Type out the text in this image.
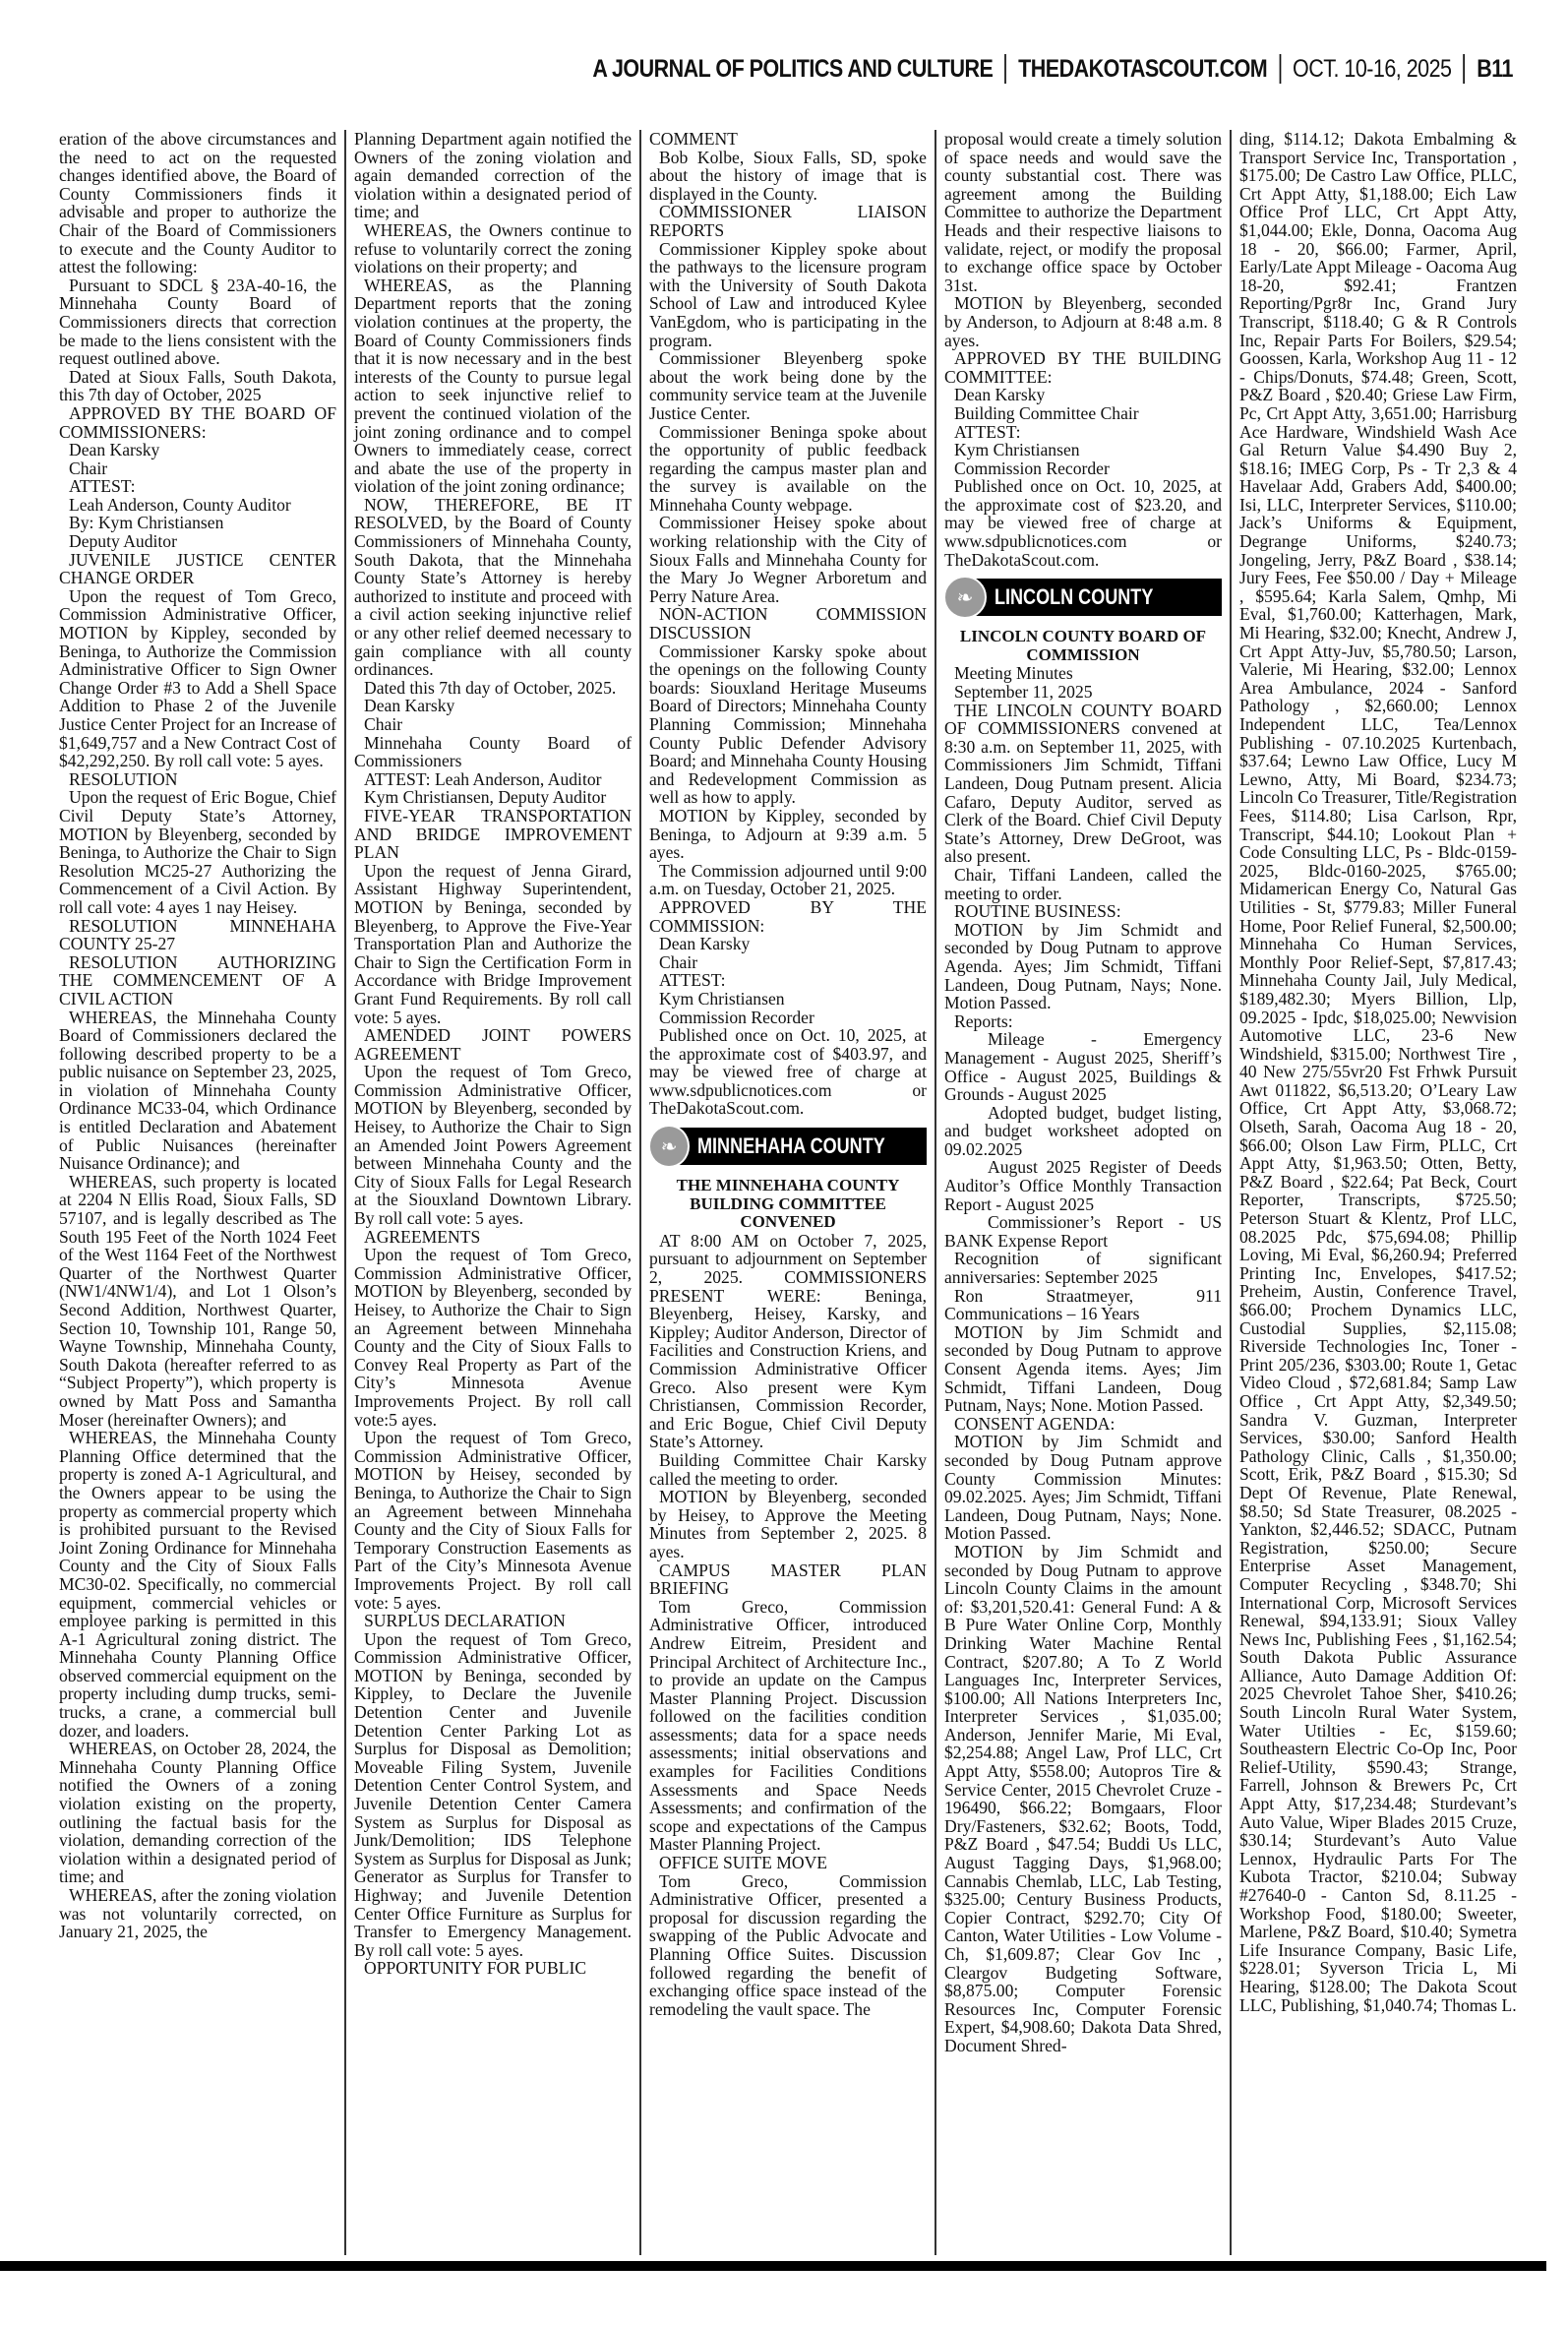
A JOURNAL OF POLITICS AND CULTURE THEDAKOTASCOUT.COM OCT. 10-16, 2025 B11

eration of the above circumstances and the need to act on the requested changes identified above, the Board of County Commissioners finds it advisable and proper to authorize the Chair of the Board of Commissioners to execute and the County Auditor to attest the following:

Pursuant to SDCL § 23A-40-16, the Minnehaha County Board of Commissioners directs that correction be made to the liens consistent with the request outlined above.

Dated at Sioux Falls, South Dakota, this 7th day of October, 2025

APPROVED BY THE BOARD OF COMMISSIONERS:

Dean Karsky

Chair

ATTEST:

Leah Anderson, County Auditor

By: Kym Christiansen

Deputy Auditor

JUVENILE JUSTICE CENTER CHANGE ORDER

Upon the request of Tom Greco, Commission Administrative Officer, MOTION by Kippley, seconded by Beninga, to Authorize the Commission Administrative Officer to Sign Owner Change Order #3 to Add a Shell Space Addition to Phase 2 of the Juvenile Justice Center Project for an Increase of $1,649,757 and a New Contract Cost of $42,292,250. By roll call vote: 5 ayes.

RESOLUTION

Upon the request of Eric Bogue, Chief Civil Deputy State’s Attorney, MOTION by Bleyenberg, seconded by Beninga, to Authorize the Chair to Sign Resolution MC25-27 Authorizing the Commencement of a Civil Action. By roll call vote: 4 ayes 1 nay Heisey.

RESOLUTION MINNEHAHA COUNTY 25-27

RESOLUTION AUTHORIZING THE COMMENCEMENT OF A CIVIL ACTION

WHEREAS, the Minnehaha County Board of Commissioners declared the following described property to be a public nuisance on September 23, 2025, in violation of Minnehaha County Ordinance MC33-04, which Ordinance is entitled Declaration and Abatement of Public Nuisances (hereinafter Nuisance Ordinance); and

WHEREAS, such property is located at 2204 N Ellis Road, Sioux Falls, SD 57107, and is legally described as The South 195 Feet of the North 1024 Feet of the West 1164 Feet of the Northwest Quarter of the Northwest Quarter (NW1/4NW1/4), and Lot 1 Olson’s Second Addition, Northwest Quarter, Section 10, Township 101, Range 50, Wayne Township, Minnehaha County, South Dakota (hereafter referred to as “Subject Property”), which property is owned by Matt Poss and Samantha Moser (hereinafter Owners); and

WHEREAS, the Minnehaha County Planning Office determined that the property is zoned A-1 Agricultural, and the Owners appear to be using the property as commercial property which is prohibited pursuant to the Revised Joint Zoning Ordinance for Minnehaha County and the City of Sioux Falls MC30-02. Specifically, no commercial equipment, commercial vehicles or employee parking is permitted in this A-1 Agricultural zoning district. The Minnehaha County Planning Office observed commercial equipment on the property including dump trucks, semi-trucks, a crane, a commercial bull dozer, and loaders.

WHEREAS, on October 28, 2024, the Minnehaha County Planning Office notified the Owners of a zoning violation existing on the property, outlining the factual basis for the violation, demanding correction of the violation within a designated period of time; and

WHEREAS, after the zoning violation was not voluntarily corrected, on January 21, 2025, the

Planning Department again notified the Owners of the zoning violation and again demanded correction of the violation within a designated period of time; and

WHEREAS, the Owners continue to refuse to voluntarily correct the zoning violations on their property; and

WHEREAS, as the Planning Department reports that the zoning violation continues at the property, the Board of County Commissioners finds that it is now necessary and in the best interests of the County to pursue legal action to seek injunctive relief to prevent the continued violation of the joint zoning ordinance and to compel Owners to immediately cease, correct and abate the use of the property in violation of the joint zoning ordinance;

NOW, THEREFORE, BE IT RESOLVED, by the Board of County Commissioners of Minnehaha County, South Dakota, that the Minnehaha County State’s Attorney is hereby authorized to institute and proceed with a civil action seeking injunctive relief or any other relief deemed necessary to gain compliance with all county ordinances.

Dated this 7th day of October, 2025.

Dean Karsky

Chair

Minnehaha County Board of Commissioners

ATTEST: Leah Anderson, Auditor

Kym Christiansen, Deputy Auditor

FIVE-YEAR TRANSPORTATION AND BRIDGE IMPROVEMENT PLAN

Upon the request of Jenna Girard, Assistant Highway Superintendent, MOTION by Beninga, seconded by Bleyenberg, to Approve the Five-Year Transportation Plan and Authorize the Chair to Sign the Certification Form in Accordance with Bridge Improvement Grant Fund Requirements. By roll call vote: 5 ayes.

AMENDED JOINT POWERS AGREEMENT

Upon the request of Tom Greco, Commission Administrative Officer, MOTION by Bleyenberg, seconded by Heisey, to Authorize the Chair to Sign an Amended Joint Powers Agreement between Minnehaha County and the City of Sioux Falls for Legal Research at the Siouxland Downtown Library. By roll call vote: 5 ayes.

AGREEMENTS

Upon the request of Tom Greco, Commission Administrative Officer, MOTION by Bleyenberg, seconded by Heisey, to Authorize the Chair to Sign an Agreement between Minnehaha County and the City of Sioux Falls to Convey Real Property as Part of the City’s Minnesota Avenue Improvements Project. By roll call vote:5 ayes.

Upon the request of Tom Greco, Commission Administrative Officer, MOTION by Heisey, seconded by Beninga, to Authorize the Chair to Sign an Agreement between Minnehaha County and the City of Sioux Falls for Temporary Construction Easements as Part of the City’s Minnesota Avenue Improvements Project. By roll call vote: 5 ayes.

SURPLUS DECLARATION

Upon the request of Tom Greco, Commission Administrative Officer, MOTION by Beninga, seconded by Kippley, to Declare the Juvenile Detention Center and Juvenile Detention Center Parking Lot as Surplus for Disposal as Demolition; Moveable Filing System, Juvenile Detention Center Control System, and Juvenile Detention Center Camera System as Surplus for Disposal as Junk/Demolition; IDS Telephone System as Surplus for Disposal as Junk; Generator as Surplus for Transfer to Highway; and Juvenile Detention Center Office Furniture as Surplus for Transfer to Emergency Management. By roll call vote: 5 ayes.

OPPORTUNITY FOR PUBLIC

COMMENT

Bob Kolbe, Sioux Falls, SD, spoke about the history of image that is displayed in the County.

COMMISSIONER LIAISON REPORTS

Commissioner Kippley spoke about the pathways to the licensure program with the University of South Dakota School of Law and introduced Kylee VanEgdom, who is participating in the program.

Commissioner Bleyenberg spoke about the work being done by the community service team at the Juvenile Justice Center.

Commissioner Beninga spoke about the opportunity of public feedback regarding the campus master plan and the survey is available on the Minnehaha County webpage.

Commissioner Heisey spoke about working relationship with the City of Sioux Falls and Minnehaha County for the Mary Jo Wegner Arboretum and Perry Nature Area.

NON-ACTION COMMISSION DISCUSSION

Commissioner Karsky spoke about the openings on the following County boards: Siouxland Heritage Museums Board of Directors; Minnehaha County Planning Commission; Minnehaha County Public Defender Advisory Board; and Minnehaha County Housing and Redevelopment Commission as well as how to apply.

MOTION by Kippley, seconded by Beninga, to Adjourn at 9:39 a.m. 5 ayes.

The Commission adjourned until 9:00 a.m. on Tuesday, October 21, 2025.

APPROVED BY THE COMMISSION:

Dean Karsky

Chair

ATTEST:

Kym Christiansen

Commission Recorder

Published once on Oct. 10, 2025, at the approximate cost of $403.97, and may be viewed free of charge at www.sdpublicnotices.com or TheDakotaScout.com.

❧ MINNEHAHA COUNTY

THE MINNEHAHA COUNTY BUILDING COMMITTEE CONVENED

AT 8:00 AM on October 7, 2025, pursuant to adjournment on September 2, 2025. COMMISSIONERS PRESENT WERE: Beninga, Bleyenberg, Heisey, Karsky, and Kippley; Auditor Anderson, Director of Facilities and Construction Kriens, and Commission Administrative Officer Greco. Also present were Kym Christiansen, Commission Recorder, and Eric Bogue, Chief Civil Deputy State’s Attorney.

Building Committee Chair Karsky called the meeting to order.

MOTION by Bleyenberg, seconded by Heisey, to Approve the Meeting Minutes from September 2, 2025. 8 ayes.

CAMPUS MASTER PLAN BRIEFING

Tom Greco, Commission Administrative Officer, introduced Andrew Eitreim, President and Principal Architect of Architecture Inc., to provide an update on the Campus Master Planning Project. Discussion followed on the facilities condition assessments; data for a space needs assessments; initial observations and examples for Facilities Conditions Assessments and Space Needs Assessments; and confirmation of the scope and expectations of the Campus Master Planning Project.

OFFICE SUITE MOVE

Tom Greco, Commission Administrative Officer, presented a proposal for discussion regarding the swapping of the Public Advocate and Planning Office Suites. Discussion followed regarding the benefit of exchanging office space instead of the remodeling the vault space. The

proposal would create a timely solution of space needs and would save the county substantial cost. There was agreement among the Building Committee to authorize the Department Heads and their respective liaisons to validate, reject, or modify the proposal to exchange office space by October 31st.

MOTION by Bleyenberg, seconded by Anderson, to Adjourn at 8:48 a.m. 8 ayes.

APPROVED BY THE BUILDING COMMITTEE:

Dean Karsky

Building Committee Chair

ATTEST:

Kym Christiansen

Commission Recorder

Published once on Oct. 10, 2025, at the approximate cost of $23.20, and may be viewed free of charge at www.sdpublicnotices.com or TheDakotaScout.com.

❧ LINCOLN COUNTY

LINCOLN COUNTY BOARD OF COMMISSION

Meeting Minutes

September 11, 2025

THE LINCOLN COUNTY BOARD OF COMMISSIONERS convened at 8:30 a.m. on September 11, 2025, with Commissioners Jim Schmidt, Tiffani Landeen, Doug Putnam present. Alicia Cafaro, Deputy Auditor, served as Clerk of the Board. Chief Civil Deputy State’s Attorney, Drew DeGroot, was also present.

Chair, Tiffani Landeen, called the meeting to order.

ROUTINE BUSINESS:

MOTION by Jim Schmidt and seconded by Doug Putnam to approve Agenda. Ayes; Jim Schmidt, Tiffani Landeen, Doug Putnam, Nays; None. Motion Passed.

Reports:

Mileage - Emergency Management - August 2025, Sheriff’s Office - August 2025, Buildings & Grounds - August 2025

Adopted budget, budget listing, and budget worksheet adopted on 09.02.2025

August 2025 Register of Deeds Auditor’s Office Monthly Transaction Report - August 2025

Commissioner’s Report - US BANK Expense Report

Recognition of significant anniversaries: September 2025

Ron Straatmeyer, 911 Communications – 16 Years

MOTION by Jim Schmidt and seconded by Doug Putnam to approve Consent Agenda items. Ayes; Jim Schmidt, Tiffani Landeen, Doug Putnam, Nays; None. Motion Passed.

CONSENT AGENDA:

MOTION by Jim Schmidt and seconded by Doug Putnam approve County Commission Minutes: 09.02.2025. Ayes; Jim Schmidt, Tiffani Landeen, Doug Putnam, Nays; None. Motion Passed.

MOTION by Jim Schmidt and seconded by Doug Putnam to approve Lincoln County Claims in the amount of: $3,201,520.41: General Fund: A & B Pure Water Online Corp, Monthly Drinking Water Machine Rental Contract, $207.80; A To Z World Languages Inc, Interpreter Services, $100.00; All Nations Interpreters Inc, Interpreter Services , $1,035.00; Anderson, Jennifer Marie, Mi Eval, $2,254.88; Angel Law, Prof LLC, Crt Appt Atty, $558.00; Autopros Tire & Service Center, 2015 Chevrolet Cruze - 196490, $66.22; Bomgaars, Floor Dry/Fasteners, $32.62; Boots, Todd, P&Z Board , $47.54; Buddi Us LLC, August Tagging Days, $1,968.00; Cannabis Chemlab, LLC, Lab Testing, $325.00; Century Business Products, Copier Contract, $292.70; City Of Canton, Water Utilities - Low Volume - Ch, $1,609.87; Clear Gov Inc , Cleargov Budgeting Software, $8,875.00; Computer Forensic Resources Inc, Computer Forensic Expert, $4,908.60; Dakota Data Shred, Document Shred-

ding, $114.12; Dakota Embalming & Transport Service Inc, Transportation , $175.00; De Castro Law Office, PLLC, Crt Appt Atty, $1,188.00; Eich Law Office Prof LLC, Crt Appt Atty, $1,044.00; Ekle, Donna, Oacoma Aug 18 - 20, $66.00; Farmer, April, Early/Late Appt Mileage - Oacoma Aug 18-20, $92.41; Frantzen Reporting/Pgr8r Inc, Grand Jury Transcript, $118.40; G & R Controls Inc, Repair Parts For Boilers, $29.54; Goossen, Karla, Workshop Aug 11 - 12 - Chips/Donuts, $74.48; Green, Scott, P&Z Board , $20.40; Griese Law Firm, Pc, Crt Appt Atty, 3,651.00; Harrisburg Ace Hardware, Windshield Wash Ace Gal Return Value $4.490 Buy 2, $18.16; IMEG Corp, Ps - Tr 2,3 & 4 Havelaar Add, Grabers Add, $400.00; Isi, LLC, Interpreter Services, $110.00; Jack’s Uniforms & Equipment, Degrange Uniforms, $240.73; Jongeling, Jerry, P&Z Board , $38.14; Jury Fees, Fee $50.00 / Day + Mileage , $595.64; Karla Salem, Qmhp, Mi Eval, $1,760.00; Katterhagen, Mark, Mi Hearing, $32.00; Knecht, Andrew J, Crt Appt Atty-Juv, $5,780.50; Larson, Valerie, Mi Hearing, $32.00; Lennox Area Ambulance, 2024 - Sanford Pathology , $2,660.00; Lennox Independent LLC, Tea/Lennox Publishing - 07.10.2025 Kurtenbach, $37.64; Lewno Law Office, Lucy M Lewno, Atty, Mi Board, $234.73; Lincoln Co Treasurer, Title/Registration Fees, $114.80; Lisa Carlson, Rpr, Transcript, $44.10; Lookout Plan + Code Consulting LLC, Ps - Bldc-0159-2025, Bldc-0160-2025, $765.00; Midamerican Energy Co, Natural Gas Utilities - St, $779.83; Miller Funeral Home, Poor Relief Funeral, $2,500.00; Minnehaha Co Human Services, Monthly Poor Relief-Sept, $7,817.43; Minnehaha County Jail, July Medical, $189,482.30; Myers Billion, Llp, 09.2025 - Ipdc, $18,025.00; Newvision Automotive LLC, 23-6 New Windshield, $315.00; Northwest Tire , 40 New 275/55vr20 Fst Frhwk Pursuit Awt 011822, $6,513.20; O’Leary Law Office, Crt Appt Atty, $3,068.72; Olseth, Sarah, Oacoma Aug 18 - 20, $66.00; Olson Law Firm, PLLC, Crt Appt Atty, $1,963.50; Otten, Betty, P&Z Board , $22.64; Pat Beck, Court Reporter, Transcripts, $725.50; Peterson Stuart & Klentz, Prof LLC, 08.2025 Pdc, $75,694.08; Phillip Loving, Mi Eval, $6,260.94; Preferred Printing Inc, Envelopes, $417.52; Preheim, Austin, Conference Travel, $66.00; Prochem Dynamics LLC, Custodial Supplies, $2,115.08; Riverside Technologies Inc, Toner - Print 205/236, $303.00; Route 1, Getac Video Cloud , $72,681.84; Samp Law Office , Crt Appt Atty, $2,349.50; Sandra V. Guzman, Interpreter Services, $30.00; Sanford Health Pathology Clinic, Calls , $1,350.00; Scott, Erik, P&Z Board , $15.30; Sd Dept Of Revenue, Plate Renewal, $8.50; Sd State Treasurer, 08.2025 - Yankton, $2,446.52; SDACC, Putnam Registration, $250.00; Secure Enterprise Asset Management, Computer Recycling , $348.70; Shi International Corp, Microsoft Services Renewal, $94,133.91; Sioux Valley News Inc, Publishing Fees , $1,162.54; South Dakota Public Assurance Alliance, Auto Damage Addition Of: 2025 Chevrolet Tahoe Sher, $410.26; South Lincoln Rural Water System, Water Utilties - Ec, $159.60; Southeastern Electric Co-Op Inc, Poor Relief-Utility, $590.43; Strange, Farrell, Johnson & Brewers Pc, Crt Appt Atty, $17,234.48; Sturdevant’s Auto Value, Wiper Blades 2015 Cruze, $30.14; Sturdevant’s Auto Value Lennox, Hydraulic Parts For The Kubota Tractor, $210.04; Subway #27640-0 - Canton Sd, 8.11.25 - Workshop Food, $180.00; Sweeter, Marlene, P&Z Board, $10.40; Symetra Life Insurance Company, Basic Life, $228.01; Syverson Tricia L, Mi Hearing, $128.00; The Dakota Scout LLC, Publishing, $1,040.74; Thomas L.
